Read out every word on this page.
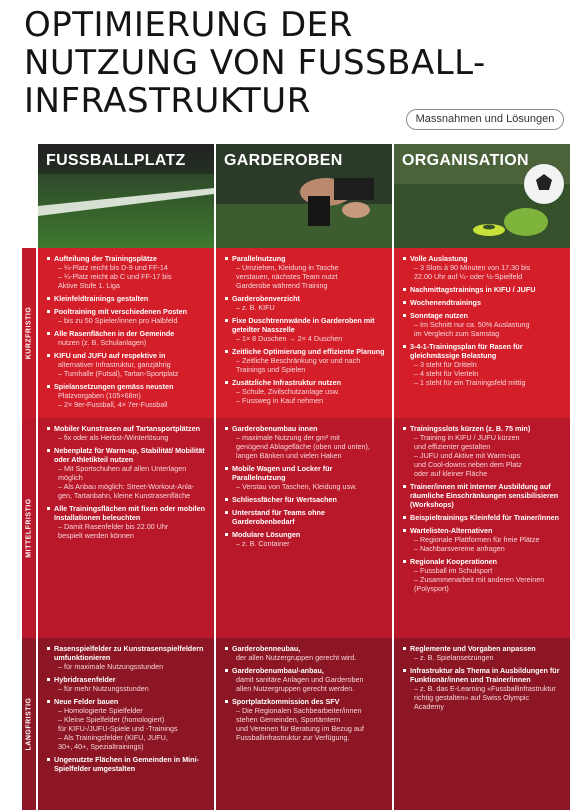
OPTIMIERUNG DER
NUTZUNG VON FUSSBALL-
INFRASTRUKTUR	Massnahmen und Lösungen
KURZFRISTIG
MITTELFRISTIG
LANGFRISTIG
FUSSBALLPLATZ
Aufteilung der Trainingsplätze
– ¼-Platz reicht bis D-9 und FF-14
– ¼-Platz reicht ab C und FF-17 bis
Aktive Stufe 1. Liga
Kleinfeldtrainings gestalten
Pooltraining mit verschiedenen Posten
– bis zu 50 Spieler/innen pro Halbfeld
Alle Rasenflächen in der Gemeinde
nutzen (z. B. Schulanlagen)
KIFU und JUFU auf respektive in
alternativer Infrastruktur, ganzjährig
– Turnhalle (Futsal), Tartan-Sportplatz
Spielansetzungen gemäss neusten
Platzvorgaben (105×68m)
– 2× 9er-Fussball, 4× 7er-Fussball
Mobiler Kunstrasen auf Tartansportplätzen
– fix oder als Herbst-/Winterlösung
Nebenplatz für Warm-up, Stabilität/ Mobilität oder Athletikteil nutzen
– Mit Sportschuhen auf allen Unterlagen
möglich
– Als Anbau möglich: Street-Workout-Anla-
gen, Tartanbahn, kleine Kunstrasenfläche
Alle Trainingsflächen mit fixen oder mobilen Installationen beleuchten
– Damit Rasenfelder bis 22.00 Uhr
bespielt werden können
Rasenspielfelder zu Kunstrasenspielfeldern umfunktionieren
– für maximale Nutzungsstunden
Hybridrasenfelder
– für mehr Nutzungsstunden
Neue Felder bauen
– Homologierte Spielfelder
– Kleine Spielfelder (homologiert)
für KIFU-/JUFU-Spiele und -Trainings
– Als Trainingsfelder (KIFU, JUFU,
30+, 40+, Spezialtrainings)
Ungenutzte Flächen in Gemeinden in Mini-Spielfelder umgestalten
GARDEROBEN
Parallelnutzung
– Umziehen, Kleidung in Tasche
verstauen, nächstes Team nutzt
Garderobe während Training
Garderobenverzicht
– z. B. KIFU
Fixe Duschtrennwände in Garderoben mit geteilter Nasszelle
– 1× 8 Duschen → 2× 4 Duschen
Zeitliche Optimierung und effiziente Planung
– Zeitliche Beschränkung vor und nach
Trainings und Spielen
Zusätzliche Infrastruktur nutzen
– Schule, Zivilschutzanlage usw.
– Fussweg in Kauf nehmen
Garderobenumbau innen
– maximale Nutzung der gm² mit
genügend Ablagefläche (oben und unten),
langen Bänken und vielen Haken
Mobile Wagen und Locker für Parallelnutzung
– Verstau von Taschen, Kleidung usw.
Schliessfächer für Wertsachen
Unterstand für Teams ohne Garderobenbedarf
Modulare Lösungen
– z. B. Container
Garderobenneubau,
der allen Nutzergruppen gerecht wird.
Garderobenumbau/-anbau,
damit sanitäre Anlagen und Garderoben
allen Nutzergruppen gerecht werden.
Sportplatzkommission des SFV
– Die Regionalen Sachbearbeiter/innen
stehen Gemeinden, Sportämtern
und Vereinen für Beratung im Bezug auf
Fussballinfrastruktur zur Verfügung.
ORGANISATION
Volle Auslastung
– 3 Slots à 90 Minuten von 17.30 bis
22.00 Uhr auf ¼- oder ½-Spielfeld
Nachmittagstrainings in KIFU / JUFU
Wochenendtrainings
Sonntage nutzen
– Im Schnitt nur ca. 50% Auslastung
im Vergleich zum Samstag
3-4-1-Trainingsplan für Rasen für gleichmässige Belastung
– 3 steht für Dritteln
– 4 steht für Vierteln
– 1 steht für ein Trainingsfeld mittig
Trainingsslots kürzen (z. B. 75 min)
– Training in KIFU / JUFU kürzen
und effizienter gestalten
– JUFU und Aktive mit Warm-ups
und Cool-downs neben dem Platz
oder auf kleiner Fläche
Trainer/innen mit interner Ausbildung auf räumliche Einschränkungen sensibilisieren (Workshops)
Beispieltrainings Kleinfeld für Trainer/innen
Wartelisten-Alternativen
– Regionale Plattformen für freie Plätze
– Nachbarsvereine anfragen
Regionale Kooperationen
– Fussball im Schulsport
– Zusammenarbeit mit anderen Vereinen
(Polysport)
Reglemente und Vorgaben anpassen
– z. B. Spielansetzungen
Infrastruktur als Thema in Ausbildungen für Funktionär/innen und Trainer/innen
– z. B. das E-Learning «Fussballinfrastruktur
richtig gestalten» auf Swiss Olympic
Academy
